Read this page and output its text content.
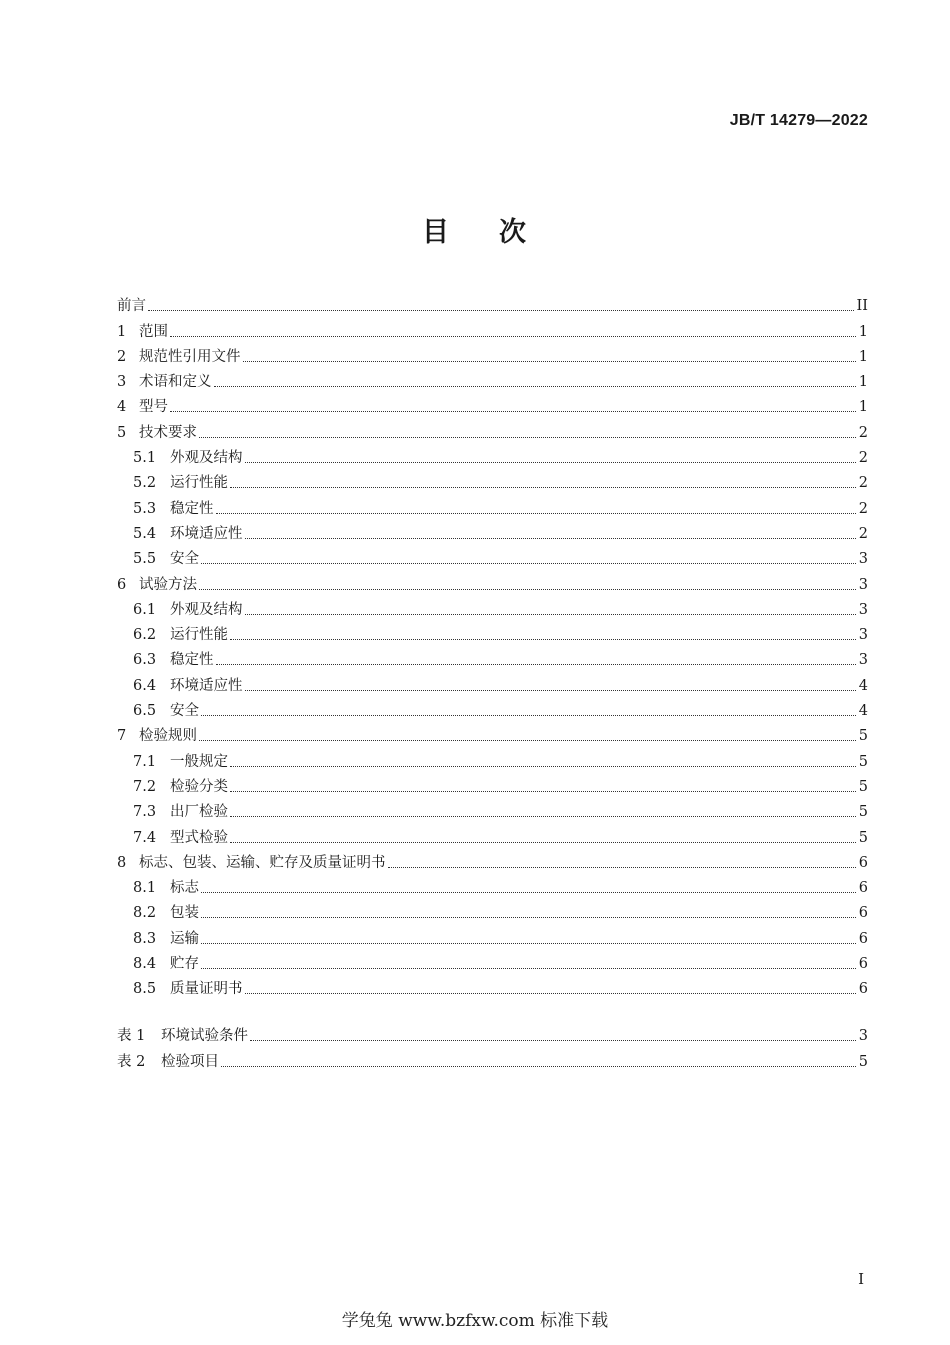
JB/T 14279—2022
目 次
前言	II
1 范围	1
2 规范性引用文件	1
3 术语和定义	1
4 型号	1
5 技术要求	2
5.1 外观及结构	2
5.2 运行性能	2
5.3 稳定性	2
5.4 环境适应性	2
5.5 安全	3
6 试验方法	3
6.1 外观及结构	3
6.2 运行性能	3
6.3 稳定性	3
6.4 环境适应性	4
6.5 安全	4
7 检验规则	5
7.1 一般规定	5
7.2 检验分类	5
7.3 出厂检验	5
7.4 型式检验	5
8 标志、包装、运输、贮存及质量证明书	6
8.1 标志	6
8.2 包装	6
8.3 运输	6
8.4 贮存	6
8.5 质量证明书	6
表 1	环境试验条件	3
表 2	检验项目	5
I
学兔兔 www.bzfxw.com 标准下载
